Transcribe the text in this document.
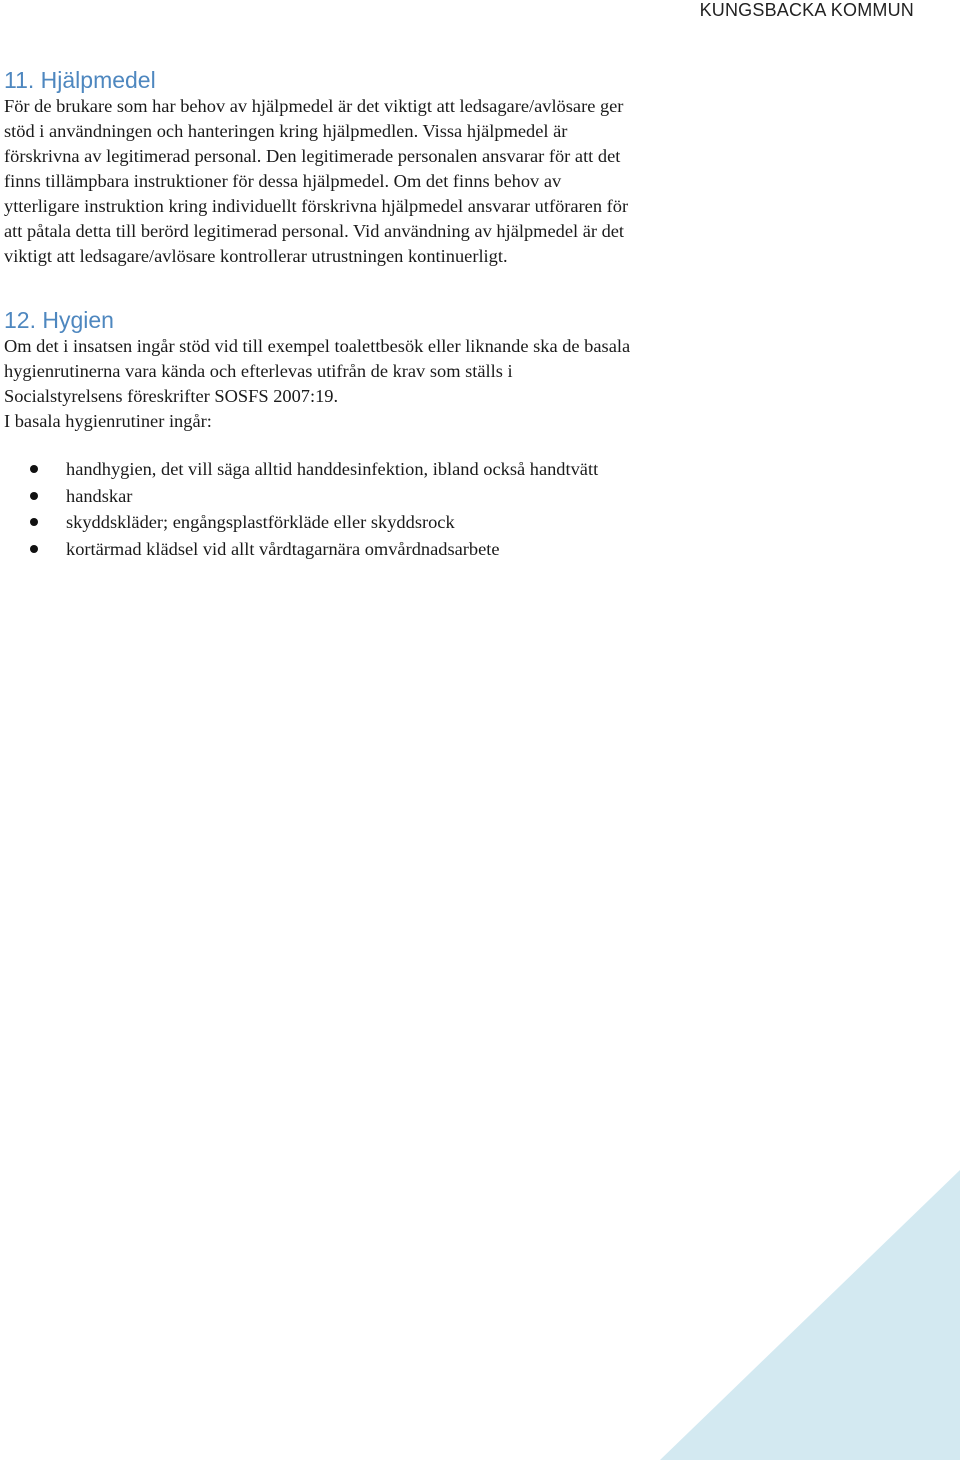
KUNGSBACKA KOMMUN
11. Hjälpmedel

För de brukare som har behov av hjälpmedel är det viktigt att ledsagare/avlösare ger

stöd i användningen och hanteringen kring hjälpmedlen. Vissa hjälpmedel är

förskrivna av legitimerad personal. Den legitimerade personalen ansvarar för att det

finns tillämpbara instruktioner för dessa hjälpmedel. Om det finns behov av

ytterligare instruktion kring individuellt förskrivna hjälpmedel ansvarar utföraren för

att påtala detta till berörd legitimerad personal. Vid användning av hjälpmedel är det

viktigt att ledsagare/avlösare kontrollerar utrustningen kontinuerligt.

12. Hygien

Om det i insatsen ingår stöd vid till exempel toalettbesök eller liknande ska de basala

hygienrutinerna vara kända och efterlevas utifrån de krav som ställs i

Socialstyrelsens föreskrifter SOSFS 2007:19.

I basala hygienrutiner ingår:

handhygien, det vill säga alltid handdesinfektion, ibland också handtvätt
handskar
skyddskläder; engångsplastförkläde eller skyddsrock
kortärmad klädsel vid allt vårdtagarnära omvårdnadsarbete
